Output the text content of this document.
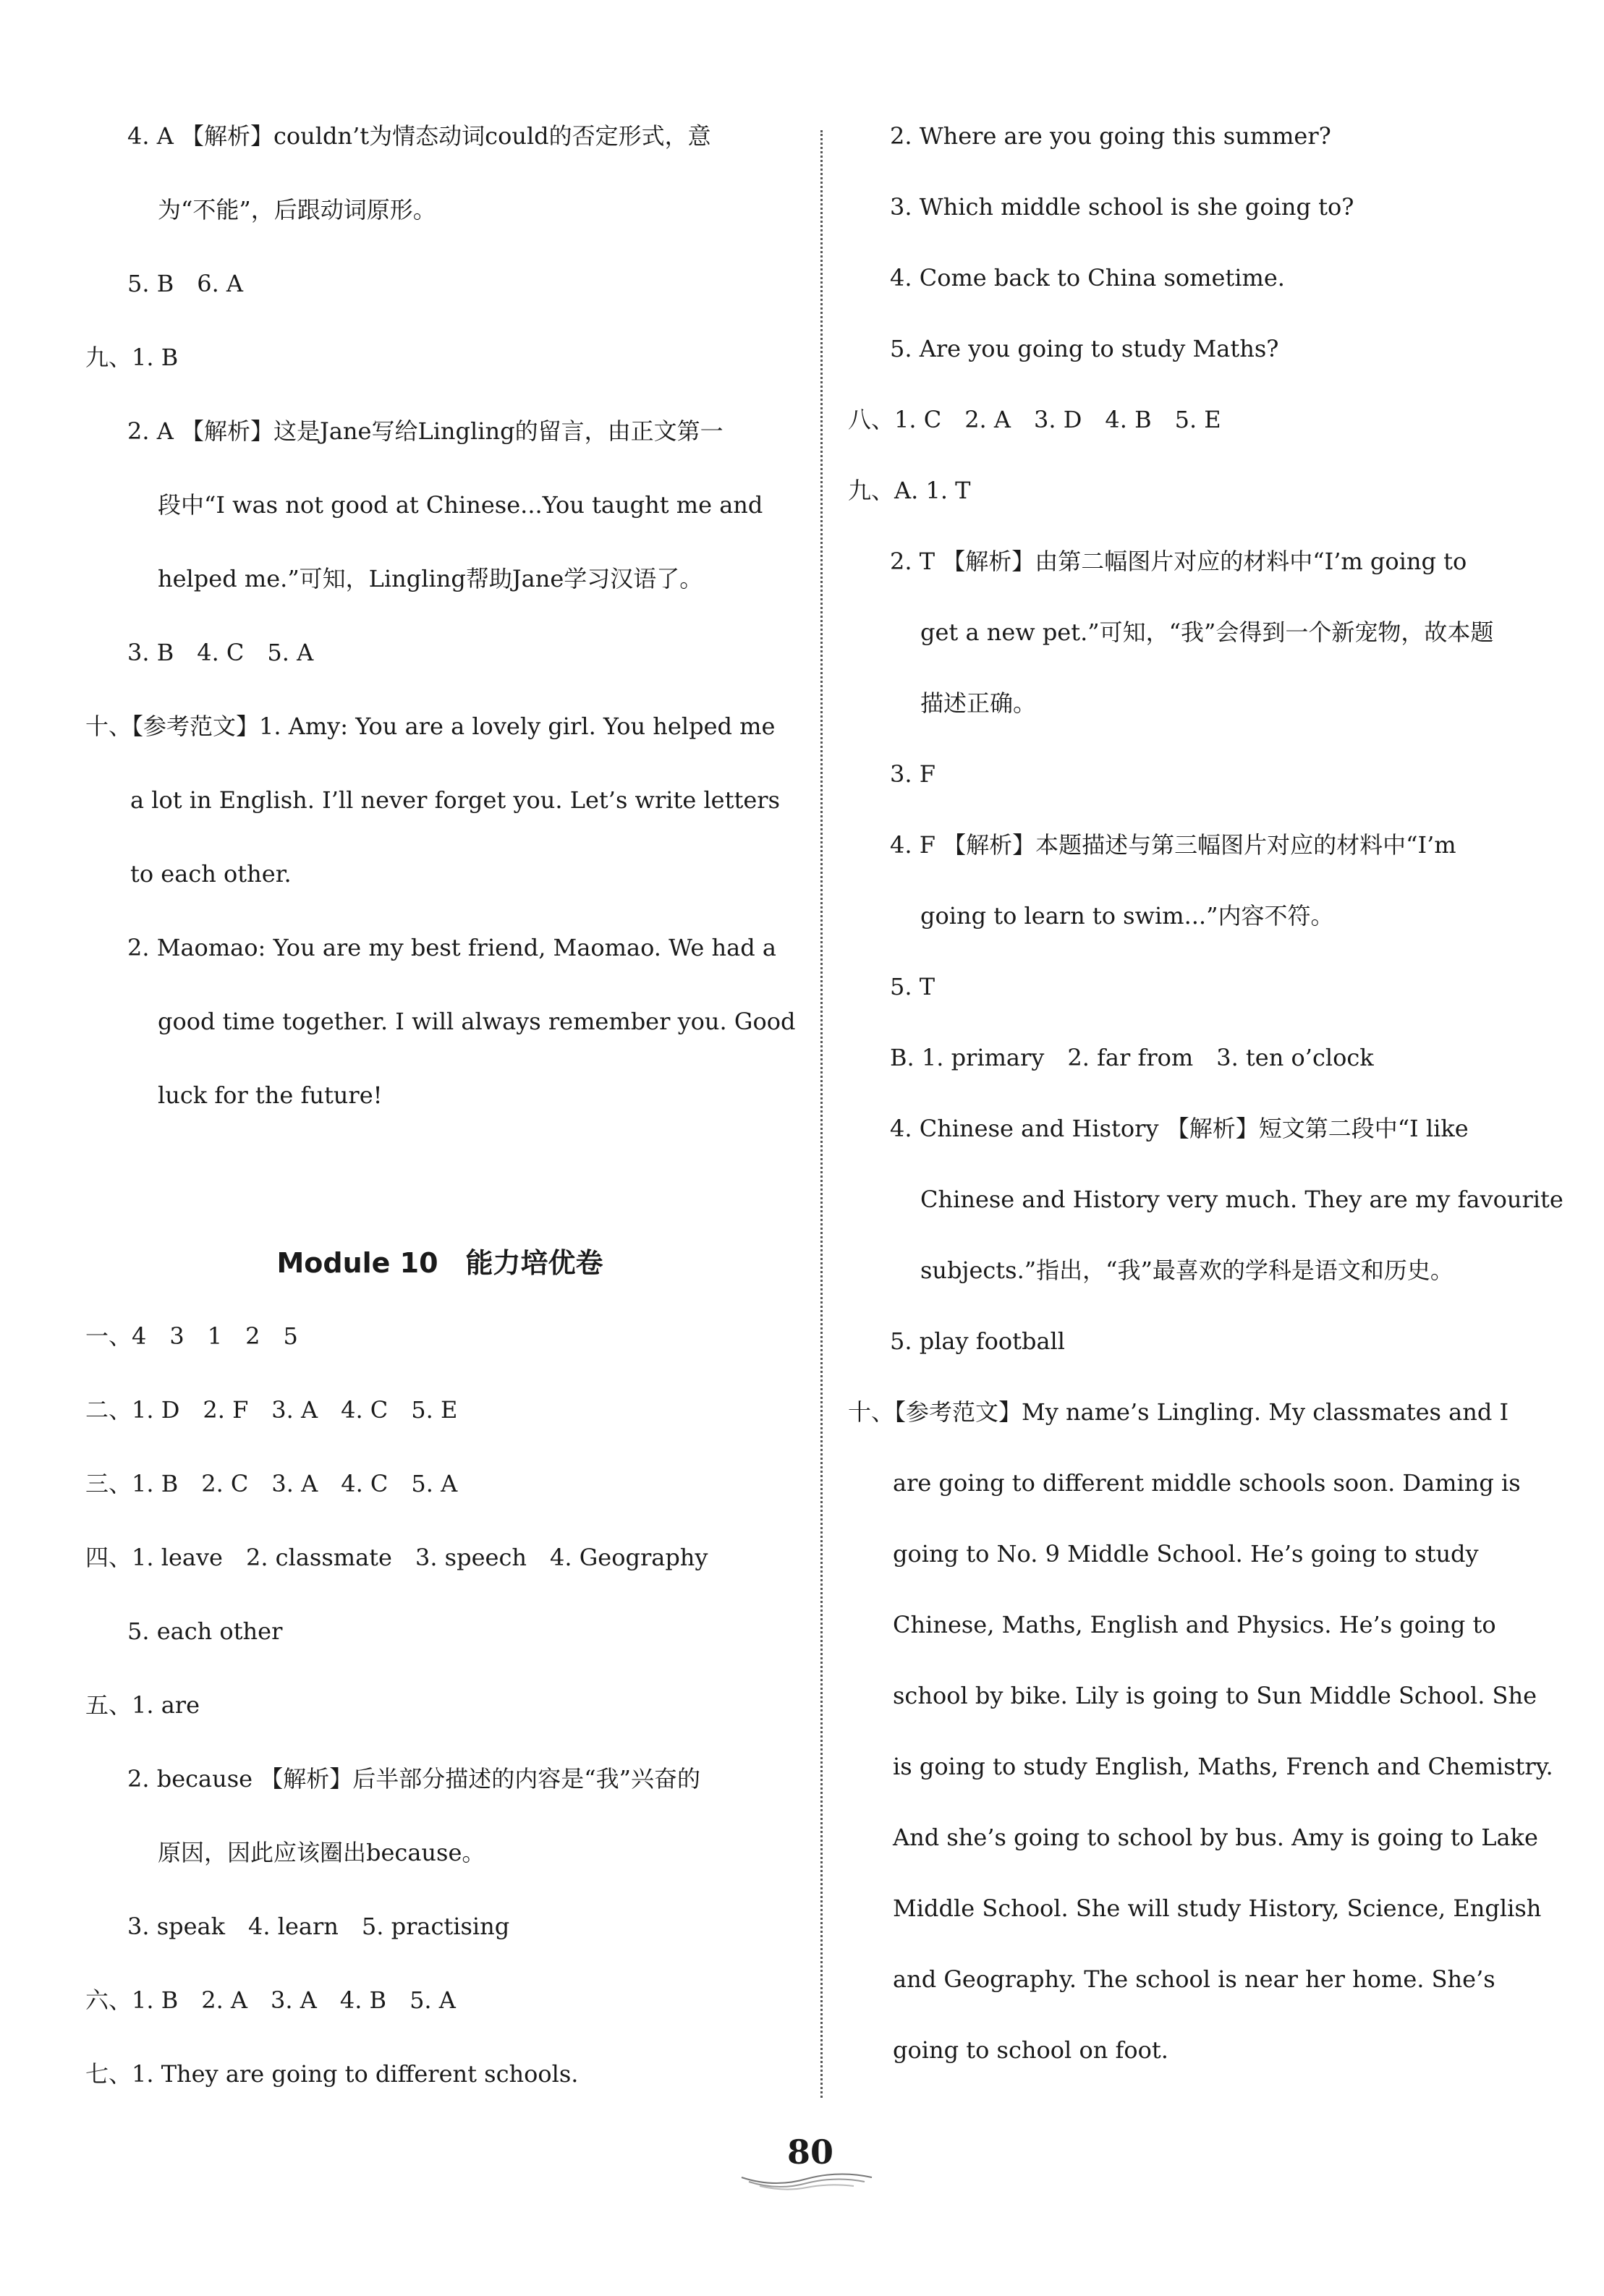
4. A 【解析】couldn’t为情态动词could的否定形式，意
为“不能”，后跟动词原形。
5. B　6. A
九、1. B
2. A 【解析】这是Jane写给Lingling的留言，由正文第一
段中“I was not good at Chinese...You taught me and
helped me.”可知，Lingling帮助Jane学习汉语了。
3. B　4. C　5. A
十、【参考范文】1. Amy: You are a lovely girl. You helped me
a lot in English. I’ll never forget you. Let’s write letters
to each other.
2. Maomao: You are my best friend, Maomao. We had a
good time together. I will always remember you. Good
luck for the future!
一、4　3　1　2　5
二、1. D　2. F　3. A　4. C　5. E
三、1. B　2. C　3. A　4. C　5. A
四、1. leave　2. classmate　3. speech　4. Geography
5. each other
五、1. are
2. because 【解析】后半部分描述的内容是“我”兴奋的
原因，因此应该圈出because。
3. speak　4. learn　5. practising
六、1. B　2. A　3. A　4. B　5. A
七、1. They are going to different schools.
2. Where are you going this summer?
3. Which middle school is she going to?
4. Come back to China sometime.
5. Are you going to study Maths?
八、1. C　2. A　3. D　4. B　5. E
九、A. 1. T
2. T 【解析】由第二幅图片对应的材料中“I’m going to
get a new pet.”可知，“我”会得到一个新宠物，故本题
描述正确。
3. F
4. F 【解析】本题描述与第三幅图片对应的材料中“I’m
going to learn to swim...”内容不符。
5. T
B. 1. primary　2. far from　3. ten o’clock
4. Chinese and History 【解析】短文第二段中“I like
Chinese and History very much. They are my favourite
subjects.”指出，“我”最喜欢的学科是语文和历史。
5. play football
十、【参考范文】My name’s Lingling. My classmates and I
are going to different middle schools soon. Daming is
going to No. 9 Middle School. He’s going to study
Chinese, Maths, English and Physics. He’s going to
school by bike. Lily is going to Sun Middle School. She
is going to study English, Maths, French and Chemistry.
And she’s going to school by bus. Amy is going to Lake
Middle School. She will study History, Science, English
and Geography. The school is near her home. She’s
going to school on foot.
Module 10　能力培优卷
80
